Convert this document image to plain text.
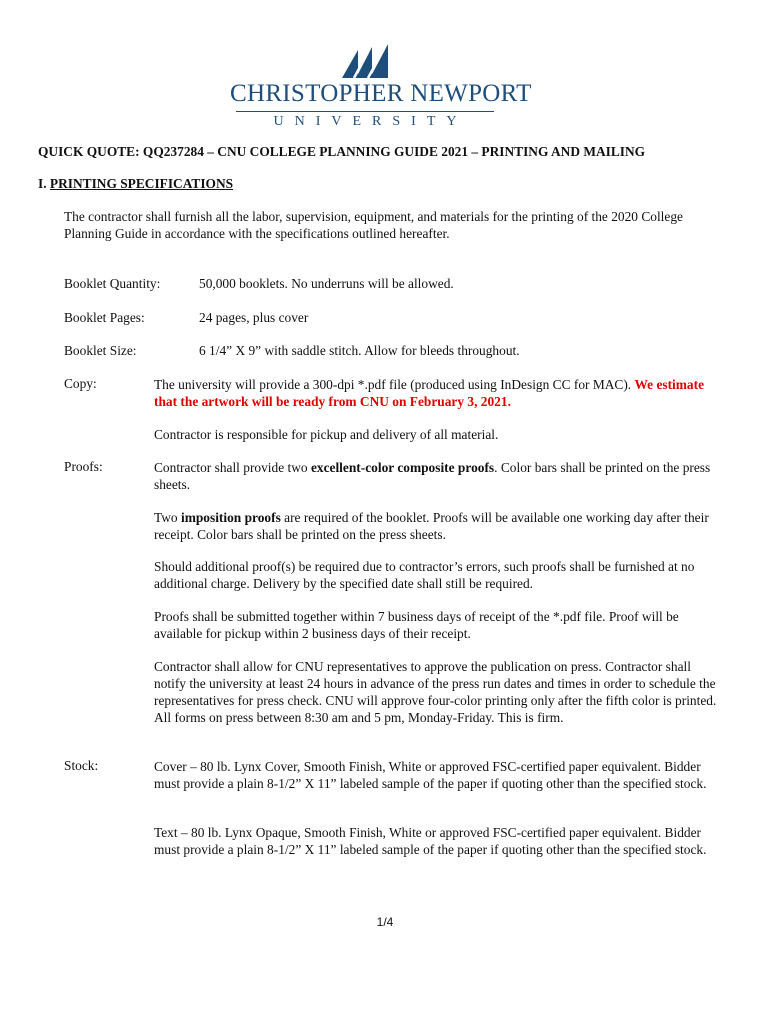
CHRISTOPHER NEWPORT
UNIVERSITY
QUICK QUOTE: QQ237284 – CNU COLLEGE PLANNING GUIDE 2021 – PRINTING AND MAILING
I. PRINTING SPECIFICATIONS
The contractor shall furnish all the labor, supervision, equipment, and materials for the printing of the 2020 College Planning Guide in accordance with the specifications outlined hereafter.
Booklet Quantity:	50,000 booklets. No underruns will be allowed.
Booklet Pages:	24 pages, plus cover
Booklet Size:	6 1/4” X 9” with saddle stitch. Allow for bleeds throughout.
Copy:	The university will provide a 300-dpi *.pdf file (produced using InDesign CC for MAC). We estimate that the artwork will be ready from CNU on February 3, 2021.
Contractor is responsible for pickup and delivery of all material.
Proofs:	Contractor shall provide two excellent-color composite proofs. Color bars shall be printed on the press sheets.
Two imposition proofs are required of the booklet. Proofs will be available one working day after their receipt. Color bars shall be printed on the press sheets.
Should additional proof(s) be required due to contractor’s errors, such proofs shall be furnished at no additional charge. Delivery by the specified date shall still be required.
Proofs shall be submitted together within 7 business days of receipt of the *.pdf file. Proof will be available for pickup within 2 business days of their receipt.
Contractor shall allow for CNU representatives to approve the publication on press. Contractor shall notify the university at least 24 hours in advance of the press run dates and times in order to schedule the representatives for press check. CNU will approve four-color printing only after the fifth color is printed. All forms on press between 8:30 am and 5 pm, Monday-Friday. This is firm.
Stock:	Cover – 80 lb. Lynx Cover, Smooth Finish, White or approved FSC-certified paper equivalent. Bidder must provide a plain 8-1/2” X 11” labeled sample of the paper if quoting other than the specified stock.
Text – 80 lb. Lynx Opaque, Smooth Finish, White or approved FSC-certified paper equivalent. Bidder must provide a plain 8-1/2” X 11” labeled sample of the paper if quoting other than the specified stock.
1/4
